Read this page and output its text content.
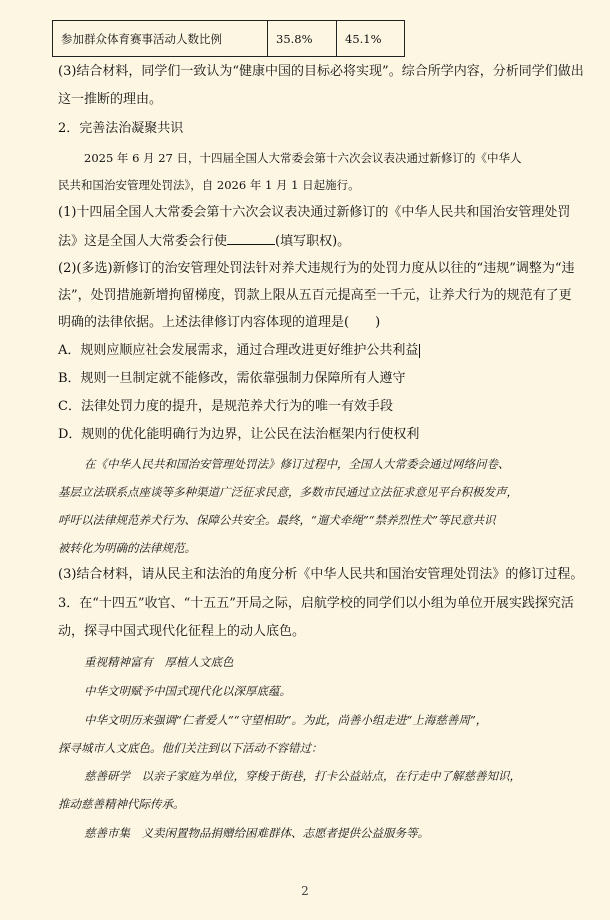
参加群众体育赛事活动人数比例	35.8%	45.1%
(3)结合材料，同学们一致认为“健康中国的目标必将实现”。综合所学内容，分析同学们做出
这一推断的理由。
2．完善法治凝聚共识
2025 年 6 月 27 日，十四届全国人大常委会第十六次会议表决通过新修订的《中华人
民共和国治安管理处罚法》，自 2026 年 1 月 1 日起施行。
(1)十四届全国人大常委会第十六次会议表决通过新修订的《中华人民共和国治安管理处罚
法》这是全国人大常委会行使	(填写职权)。
(2)(多选)新修订的治安管理处罚法针对养犬违规行为的处罚力度从以往的“违规”调整为“违
法”，处罚措施新增拘留梯度，罚款上限从五百元提高至一千元，让养犬行为的规范有了更
明确的法律依据。上述法律修订内容体现的道理是(　　)
A．规则应顺应社会发展需求，通过合理改进更好维护公共利益
B．规则一旦制定就不能修改，需依靠强制力保障所有人遵守
C．法律处罚力度的提升，是规范养犬行为的唯一有效手段
D．规则的优化能明确行为边界，让公民在法治框架内行使权利
在《中华人民共和国治安管理处罚法》修订过程中，全国人大常委会通过网络问卷、
基层立法联系点座谈等多种渠道广泛征求民意，多数市民通过立法征求意见平台积极发声，
呼吁以法律规范养犬行为、保障公共安全。最终，“遛犬牵绳”“禁养烈性犬”等民意共识
被转化为明确的法律规范。
(3)结合材料，请从民主和法治的角度分析《中华人民共和国治安管理处罚法》的修订过程。
3．在“十四五”收官、“十五五”开局之际，启航学校的同学们以小组为单位开展实践探究活
动，探寻中国式现代化征程上的动人底色。
重视精神富有　厚植人文底色
中华文明赋予中国式现代化以深厚底蕴。
中华文明历来强调“仁者爱人”“守望相助”。为此，尚善小组走进“上海慈善周”，
探寻城市人文底色。他们关注到以下活动不容错过：
慈善研学　以亲子家庭为单位，穿梭于街巷，打卡公益站点，在行走中了解慈善知识，
推动慈善精神代际传承。
慈善市集　义卖闲置物品捐赠给困难群体、志愿者提供公益服务等。
2
